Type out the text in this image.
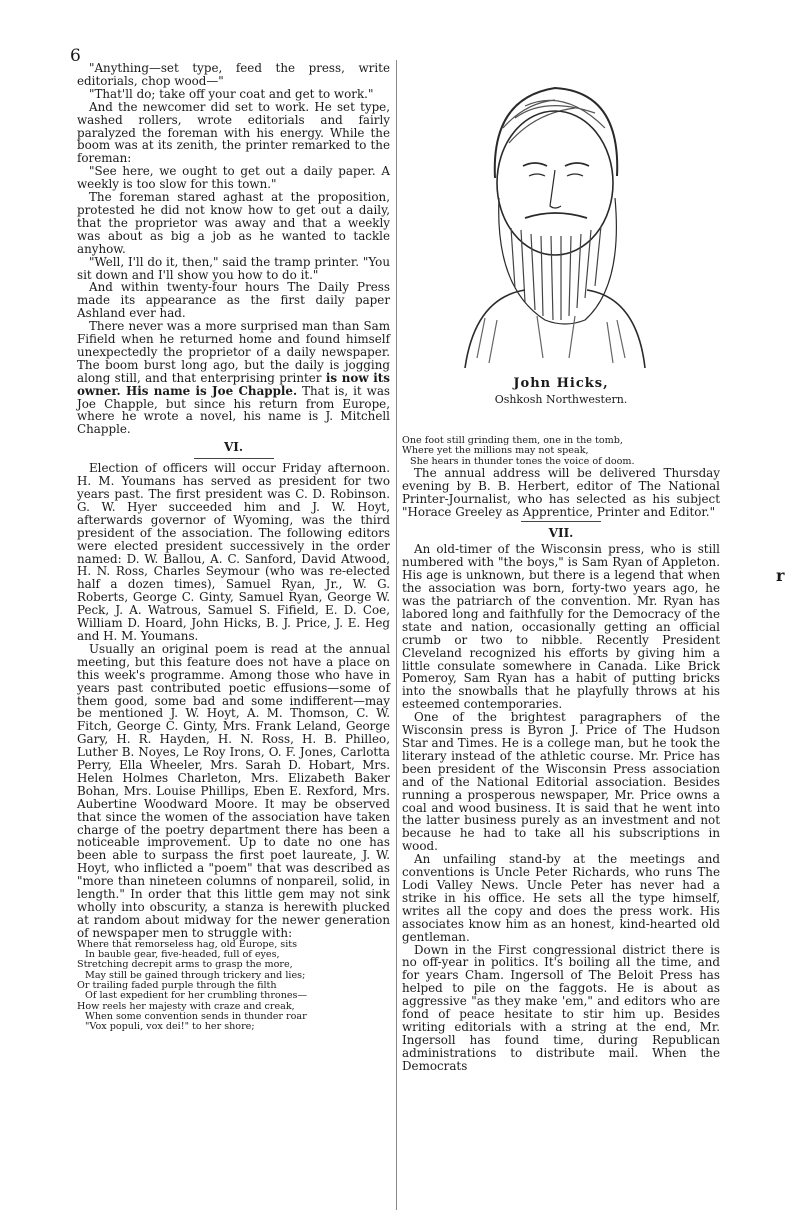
6

"Anything—set type, feed the press, write editorials, chop wood—"

"That'll do; take off your coat and get to work."

And the newcomer did set to work. He set type, washed rollers, wrote editorials and fairly paralyzed the foreman with his energy. While the boom was at its zenith, the printer remarked to the foreman:

"See here, we ought to get out a daily paper. A weekly is too slow for this town."

The foreman stared aghast at the proposition, protested he did not know how to get out a daily, that the proprietor was away and that a weekly was about as big a job as he wanted to tackle anyhow.

"Well, I'll do it, then," said the tramp printer. "You sit down and I'll show you how to do it."

And within twenty-four hours The Daily Press made its appearance as the first daily paper Ashland ever had.

There never was a more surprised man than Sam Fifield when he returned home and found himself unexpectedly the proprietor of a daily newspaper. The boom burst long ago, but the daily is jogging along still, and that enterprising printer is now its owner. His name is Joe Chapple. That is, it was Joe Chapple, but since his return from Europe, where he wrote a novel, his name is J. Mitchell Chapple.

VI.

Election of officers will occur Friday afternoon. H. M. Youmans has served as president for two years past. The first president was C. D. Robinson. G. W. Hyer succeeded him and J. W. Hoyt, afterwards governor of Wyoming, was the third president of the association. The following editors were elected president successively in the order named: D. W. Ballou, A. C. Sanford, David Atwood, H. N. Ross, Charles Seymour (who was re-elected half a dozen times), Samuel Ryan, Jr., W. G. Roberts, George C. Ginty, Samuel Ryan, George W. Peck, J. A. Watrous, Samuel S. Fifield, E. D. Coe, William D. Hoard, John Hicks, B. J. Price, J. E. Heg and H. M. Youmans.

Usually an original poem is read at the annual meeting, but this feature does not have a place on this week's programme. Among those who have in years past contributed poetic effusions—some of them good, some bad and some indifferent—may be mentioned J. W. Hoyt, A. M. Thomson, C. W. Fitch, George C. Ginty, Mrs. Frank Leland, George Gary, H. R. Hayden, H. N. Ross, H. B. Philleo, Luther B. Noyes, Le Roy Irons, O. F. Jones, Carlotta Perry, Ella Wheeler, Mrs. Sarah D. Hobart, Mrs. Helen Holmes Charleton, Mrs. Elizabeth Baker Bohan, Mrs. Louise Phillips, Eben E. Rexford, Mrs. Aubertine Woodward Moore. It may be observed that since the women of the association have taken charge of the poetry department there has been a noticeable improvement. Up to date no one has been able to surpass the first poet laureate, J. W. Hoyt, who inflicted a "poem" that was described as "more than nineteen columns of nonpareil, solid, in length." In order that this little gem may not sink wholly into obscurity, a stanza is herewith plucked at random about midway for the newer generation of newspaper men to struggle with:

Where that remorseless hag, old Europe, sits
In bauble gear, five-headed, full of eyes,
Stretching decrepit arms to grasp the more,
May still be gained through trickery and lies;
Or trailing faded purple through the filth
Of last expedient for her crumbling thrones—
How reels her majesty with craze and creak,
When some convention sends in thunder roar
"Vox populi, vox dei!" to her shore;
John Hicks,
Oshkosh Northwestern.
One foot still grinding them, one in the tomb,
Where yet the millions may not speak,
She hears in thunder tones the voice of doom.

The annual address will be delivered Thursday evening by B. B. Herbert, editor of The National Printer-Journalist, who has selected as his subject "Horace Greeley as Apprentice, Printer and Editor."

VII.

An old-timer of the Wisconsin press, who is still numbered with "the boys," is Sam Ryan of Appleton. His age is unknown, but there is a legend that when the association was born, forty-two years ago, he was the patriarch of the convention. Mr. Ryan has labored long and faithfully for the Democracy of the state and nation, occasionally getting an official crumb or two to nibble. Recently President Cleveland recognized his efforts by giving him a little consulate somewhere in Canada. Like Brick Pomeroy, Sam Ryan has a habit of putting bricks into the snowballs that he playfully throws at his esteemed contemporaries.

One of the brightest paragraphers of the Wisconsin press is Byron J. Price of The Hudson Star and Times. He is a college man, but he took the literary instead of the athletic course. Mr. Price has been president of the Wisconsin Press association and of the National Editorial association. Besides running a prosperous newspaper, Mr. Price owns a coal and wood business. It is said that he went into the latter business purely as an investment and not because he had to take all his subscriptions in wood.

An unfailing stand-by at the meetings and conventions is Uncle Peter Richards, who runs The Lodi Valley News. Uncle Peter has never had a strike in his office. He sets all the type himself, writes all the copy and does the press work. His associates know him as an honest, kind-hearted old gentleman.

Down in the First congressional district there is no off-year in politics. It's boiling all the time, and for years Cham. Ingersoll of The Beloit Press has helped to pile on the faggots. He is about as aggressive "as they make 'em," and editors who are fond of peace hesitate to stir him up. Besides writing editorials with a string at the end, Mr. Ingersoll has found time, during Republican administrations to distribute mail. When the Democrats

r
